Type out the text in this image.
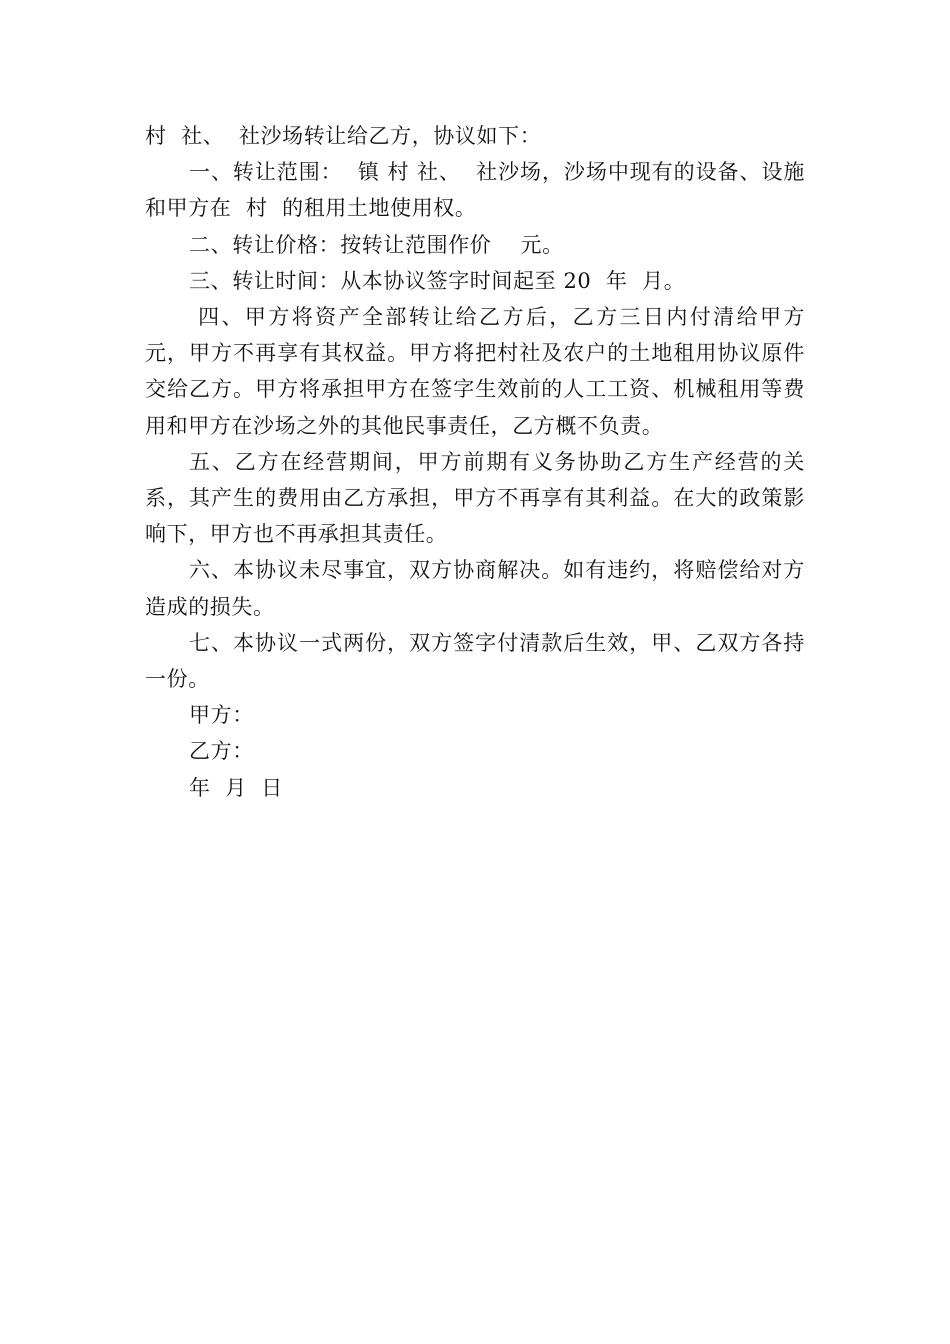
村  社、  社沙场转让给乙方，协议如下：

一、转让范围：  镇 村 社、  社沙场，沙场中现有的设备、设施和甲方在  村  的租用土地使用权。

二、转让价格：按转让范围作价    元。

三、转让时间：从本协议签字时间起至 20  年  月。

四、甲方将资产全部转让给乙方后，乙方三日内付清给甲方    元，甲方不再享有其权益。甲方将把村社及农户的土地租用协议原件交给乙方。甲方将承担甲方在签字生效前的人工工资、机械租用等费用和甲方在沙场之外的其他民事责任，乙方概不负责。

五、乙方在经营期间，甲方前期有义务协助乙方生产经营的关系，其产生的费用由乙方承担，甲方不再享有其利益。在大的政策影响下，甲方也不再承担其责任。

六、本协议未尽事宜，双方协商解决。如有违约，将赔偿给对方造成的损失。

七、本协议一式两份，双方签字付清款后生效，甲、乙双方各持一份。

甲方：

乙方：

年  月  日
